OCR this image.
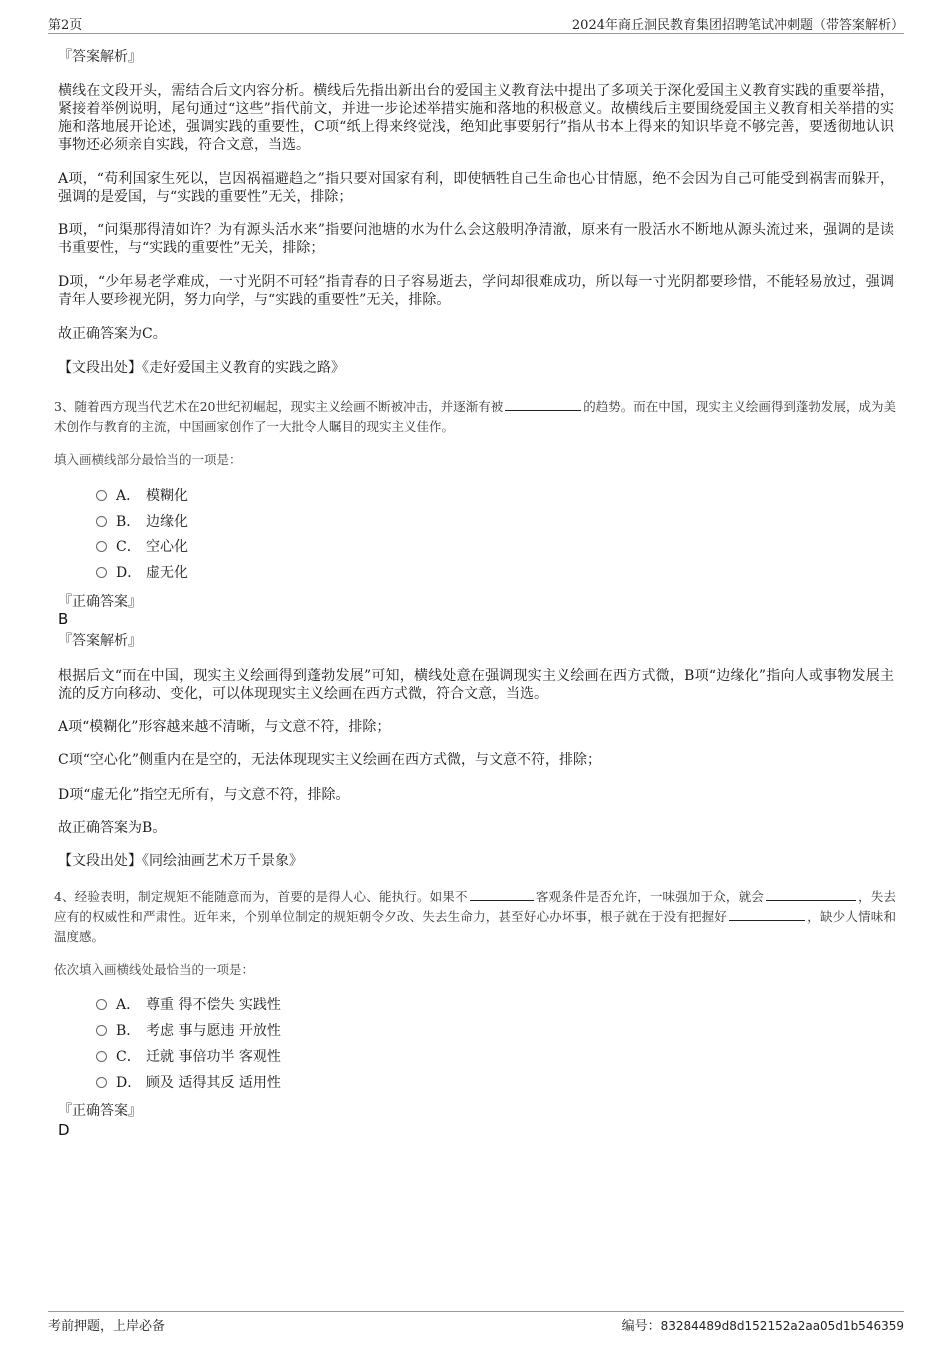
第2页	2024年商丘洄民教育集团招聘笔试冲刺题（带答案解析）
『答案解析』
横线在文段开头，需结合后文内容分析。横线后先指出新出台的爱国主义教育法中提出了多项关于深化爱国主义教育实践的重要举措，紧接着举例说明，尾句通过“这些”指代前文，并进一步论述举措实施和落地的积极意义。故横线后主要围绕爱国主义教育相关举措的实施和落地展开论述，强调实践的重要性，C项“纸上得来终觉浅，绝知此事要躬行”指从书本上得来的知识毕竟不够完善，要透彻地认识事物还必须亲自实践，符合文意，当选。
A项，“苟利国家生死以，岂因祸福避趋之”指只要对国家有利，即使牺牲自己生命也心甘情愿，绝不会因为自己可能受到祸害而躲开，强调的是爱国，与“实践的重要性”无关，排除；
B项，“问渠那得清如许？为有源头活水来”指要问池塘的水为什么会这般明净清澈，原来有一股活水不断地从源头流过来，强调的是读书重要性，与“实践的重要性”无关，排除；
D项，“少年易老学难成，一寸光阴不可轻”指青春的日子容易逝去，学问却很难成功，所以每一寸光阴都要珍惜，不能轻易放过，强调青年人要珍视光阴，努力向学，与“实践的重要性”无关，排除。
故正确答案为C。
【文段出处】《走好爱国主义教育的实践之路》
3、随着西方现当代艺术在20世纪初崛起，现实主义绘画不断被冲击，并逐渐有被	的趋势。而在中国，现实主义绘画得到蓬勃发展，成为美术创作与教育的主流，中国画家创作了一大批令人瞩目的现实主义佳作。
填入画横线部分最恰当的一项是：
A． 模糊化
B． 边缘化
C． 空心化
D． 虚无化
『正确答案』
B
『答案解析』
根据后文“而在中国，现实主义绘画得到蓬勃发展”可知，横线处意在强调现实主义绘画在西方式微，B项“边缘化”指向人或事物发展主流的反方向移动、变化，可以体现现实主义绘画在西方式微，符合文意，当选。
A项“模糊化”形容越来越不清晰，与文意不符，排除；
C项“空心化”侧重内在是空的，无法体现现实主义绘画在西方式微，与文意不符，排除；
D项“虚无化”指空无所有，与文意不符，排除。
故正确答案为B。
【文段出处】《同绘油画艺术万千景象》
4、经验表明，制定规矩不能随意而为，首要的是得人心、能执行。如果不	客观条件是否允许，一味强加于众，就会	，失去应有的权威性和严肃性。近年来，个别单位制定的规矩朝令夕改、失去生命力，甚至好心办坏事，根子就在于没有把握好	，缺少人情味和温度感。
依次填入画横线处最恰当的一项是：
A． 尊重 得不偿失 实践性
B． 考虑 事与愿违 开放性
C． 迁就 事倍功半 客观性
D． 顾及 适得其反 适用性
『正确答案』
D
考前押题，上岸必备	编号：83284489d8d152152a2aa05d1b546359
